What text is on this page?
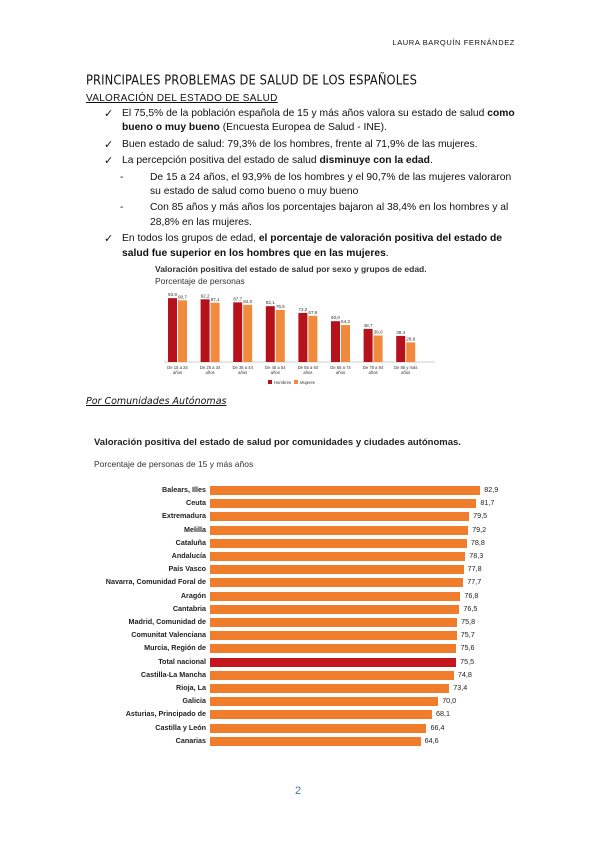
LAURA BARQUÍN FERNÁNDEZ
PRINCIPALES PROBLEMAS DE SALUD DE LOS ESPAÑOLES
VALORACIÓN DEL ESTADO DE SALUD
✓ El 75,5% de la población española de 15 y más años valora su estado de salud como bueno o muy bueno (Encuesta Europea de Salud - INE).
✓ Buen estado de salud: 79,3% de los hombres, frente al 71,9% de las mujeres.
✓ La percepción positiva del estado de salud disminuye con la edad.
-	De 15 a 24 años, el 93,9% de los hombres y el 90,7% de las mujeres valoraron su estado de salud como bueno o muy bueno
-	Con 85 años y más años los porcentajes bajaron al 38,4% en los hombres y al 28,8% en las mujeres.
✓ En todos los grupos de edad, el porcentaje de valoración positiva del estado de salud fue superior en los hombres que en las mujeres.
Valoración positiva del estado de salud por sexo y grupos de edad.
Porcentaje de personas
93,9 90,7
De 15 a 24
años
92,2
87,1
De 25 a 34
años
87,7
84,0
De 35 a 44
años
82,1
76,5
De 45 a 54
años
72,2
67,9
De 55 a 64
años
60,0
54,3
De 65 a 74
años
48,7
39,0
De 75 a 84
años
38,4
28,8
De 85 y más
años
Hombres Mujeres
Por Comunidades Autónomas
Valoración positiva del estado de salud por comunidades y ciudades autónomas.
Porcentaje de personas de 15 y más años
Balears, Illes	82,9
Ceuta	81,7
Extremadura	79,5
Melilla	79,2
Cataluña	78,8
Andalucía	78,3
País Vasco	77,8
Navarra, Comunidad Foral de	77,7
Aragón	76,8
Cantabria	76,5
Madrid, Comunidad de	75,8
Comunitat Valenciana	75,7
Murcia, Región de	75,6
Total nacional	75,5
Castilla-La Mancha	74,8
Rioja, La	73,4
Galicia	70,0
Asturias, Principado de	68,1
Castilla y León	66,4
Canarias	64,6
2
